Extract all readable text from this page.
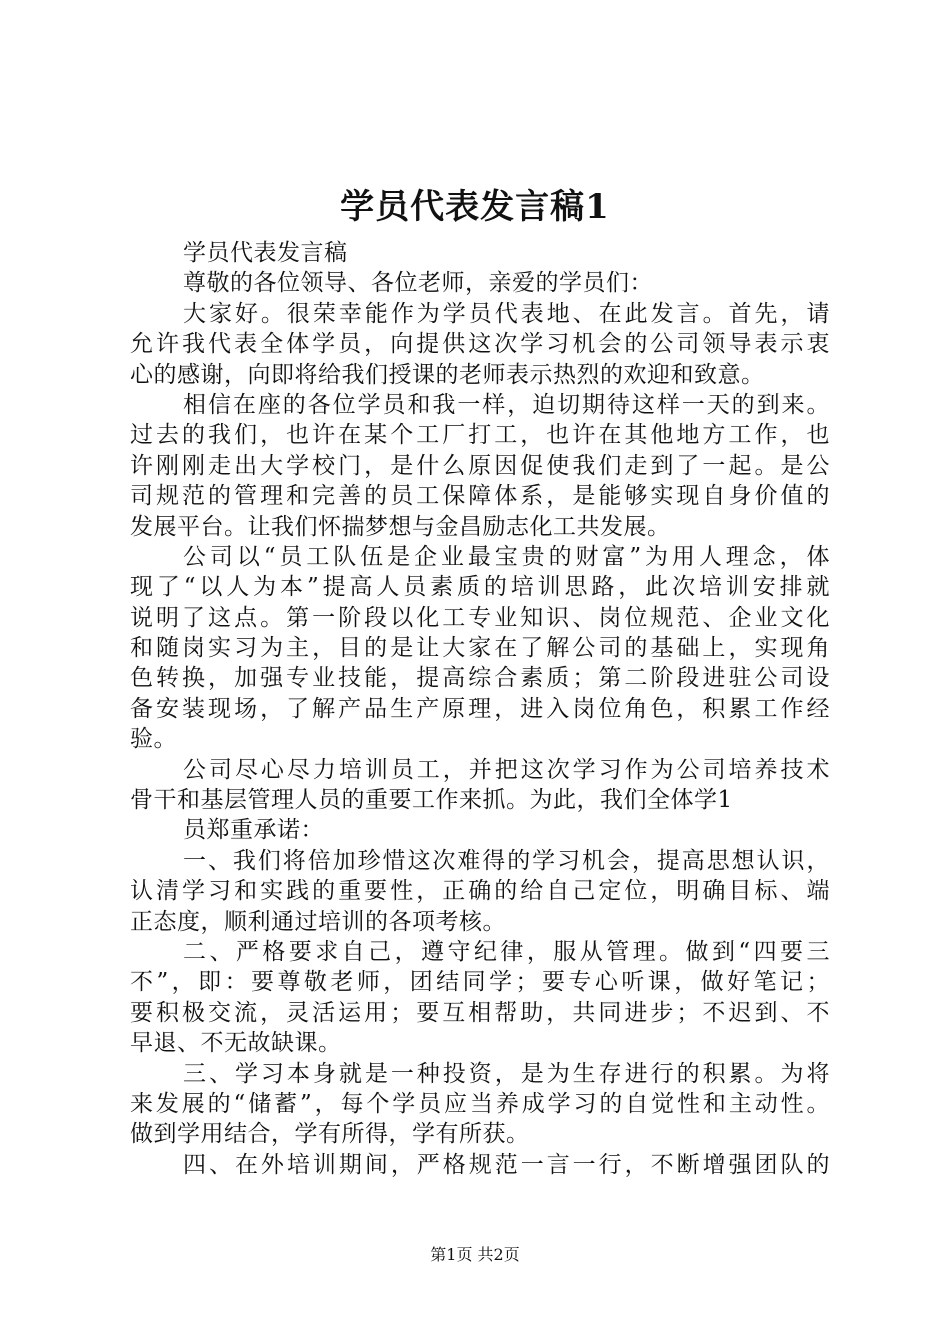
学员代表发言稿1
学员代表发言稿
尊敬的各位领导、各位老师，亲爱的学员们：
大家好。很荣幸能作为学员代表地、在此发言。首先，请
允许我代表全体学员，向提供这次学习机会的公司领导表示衷
心的感谢，向即将给我们授课的老师表示热烈的欢迎和致意。
相信在座的各位学员和我一样，迫切期待这样一天的到来。
过去的我们，也许在某个工厂打工，也许在其他地方工作，也
许刚刚走出大学校门，是什么原因促使我们走到了一起。是公
司规范的管理和完善的员工保障体系，是能够实现自身价值的
发展平台。让我们怀揣梦想与金昌励志化工共发展。
公司以“员工队伍是企业最宝贵的财富”为用人理念，体
现了“以人为本”提高人员素质的培训思路，此次培训安排就
说明了这点。第一阶段以化工专业知识、岗位规范、企业文化
和随岗实习为主，目的是让大家在了解公司的基础上，实现角
色转换，加强专业技能，提高综合素质；第二阶段进驻公司设
备安装现场，了解产品生产原理，进入岗位角色，积累工作经
验。
公司尽心尽力培训员工，并把这次学习作为公司培养技术
骨干和基层管理人员的重要工作来抓。为此，我们全体学1
员郑重承诺：
一、我们将倍加珍惜这次难得的学习机会，提高思想认识，
认清学习和实践的重要性，正确的给自己定位，明确目标、端
正态度，顺利通过培训的各项考核。
二、严格要求自己，遵守纪律，服从管理。做到“四要三
不”，即：要尊敬老师，团结同学；要专心听课，做好笔记；
要积极交流，灵活运用；要互相帮助，共同进步；不迟到、不
早退、不无故缺课。
三、学习本身就是一种投资，是为生存进行的积累。为将
来发展的“储蓄”，每个学员应当养成学习的自觉性和主动性。
做到学用结合，学有所得，学有所获。
四、在外培训期间，严格规范一言一行，不断增强团队的
第1页 共2页
